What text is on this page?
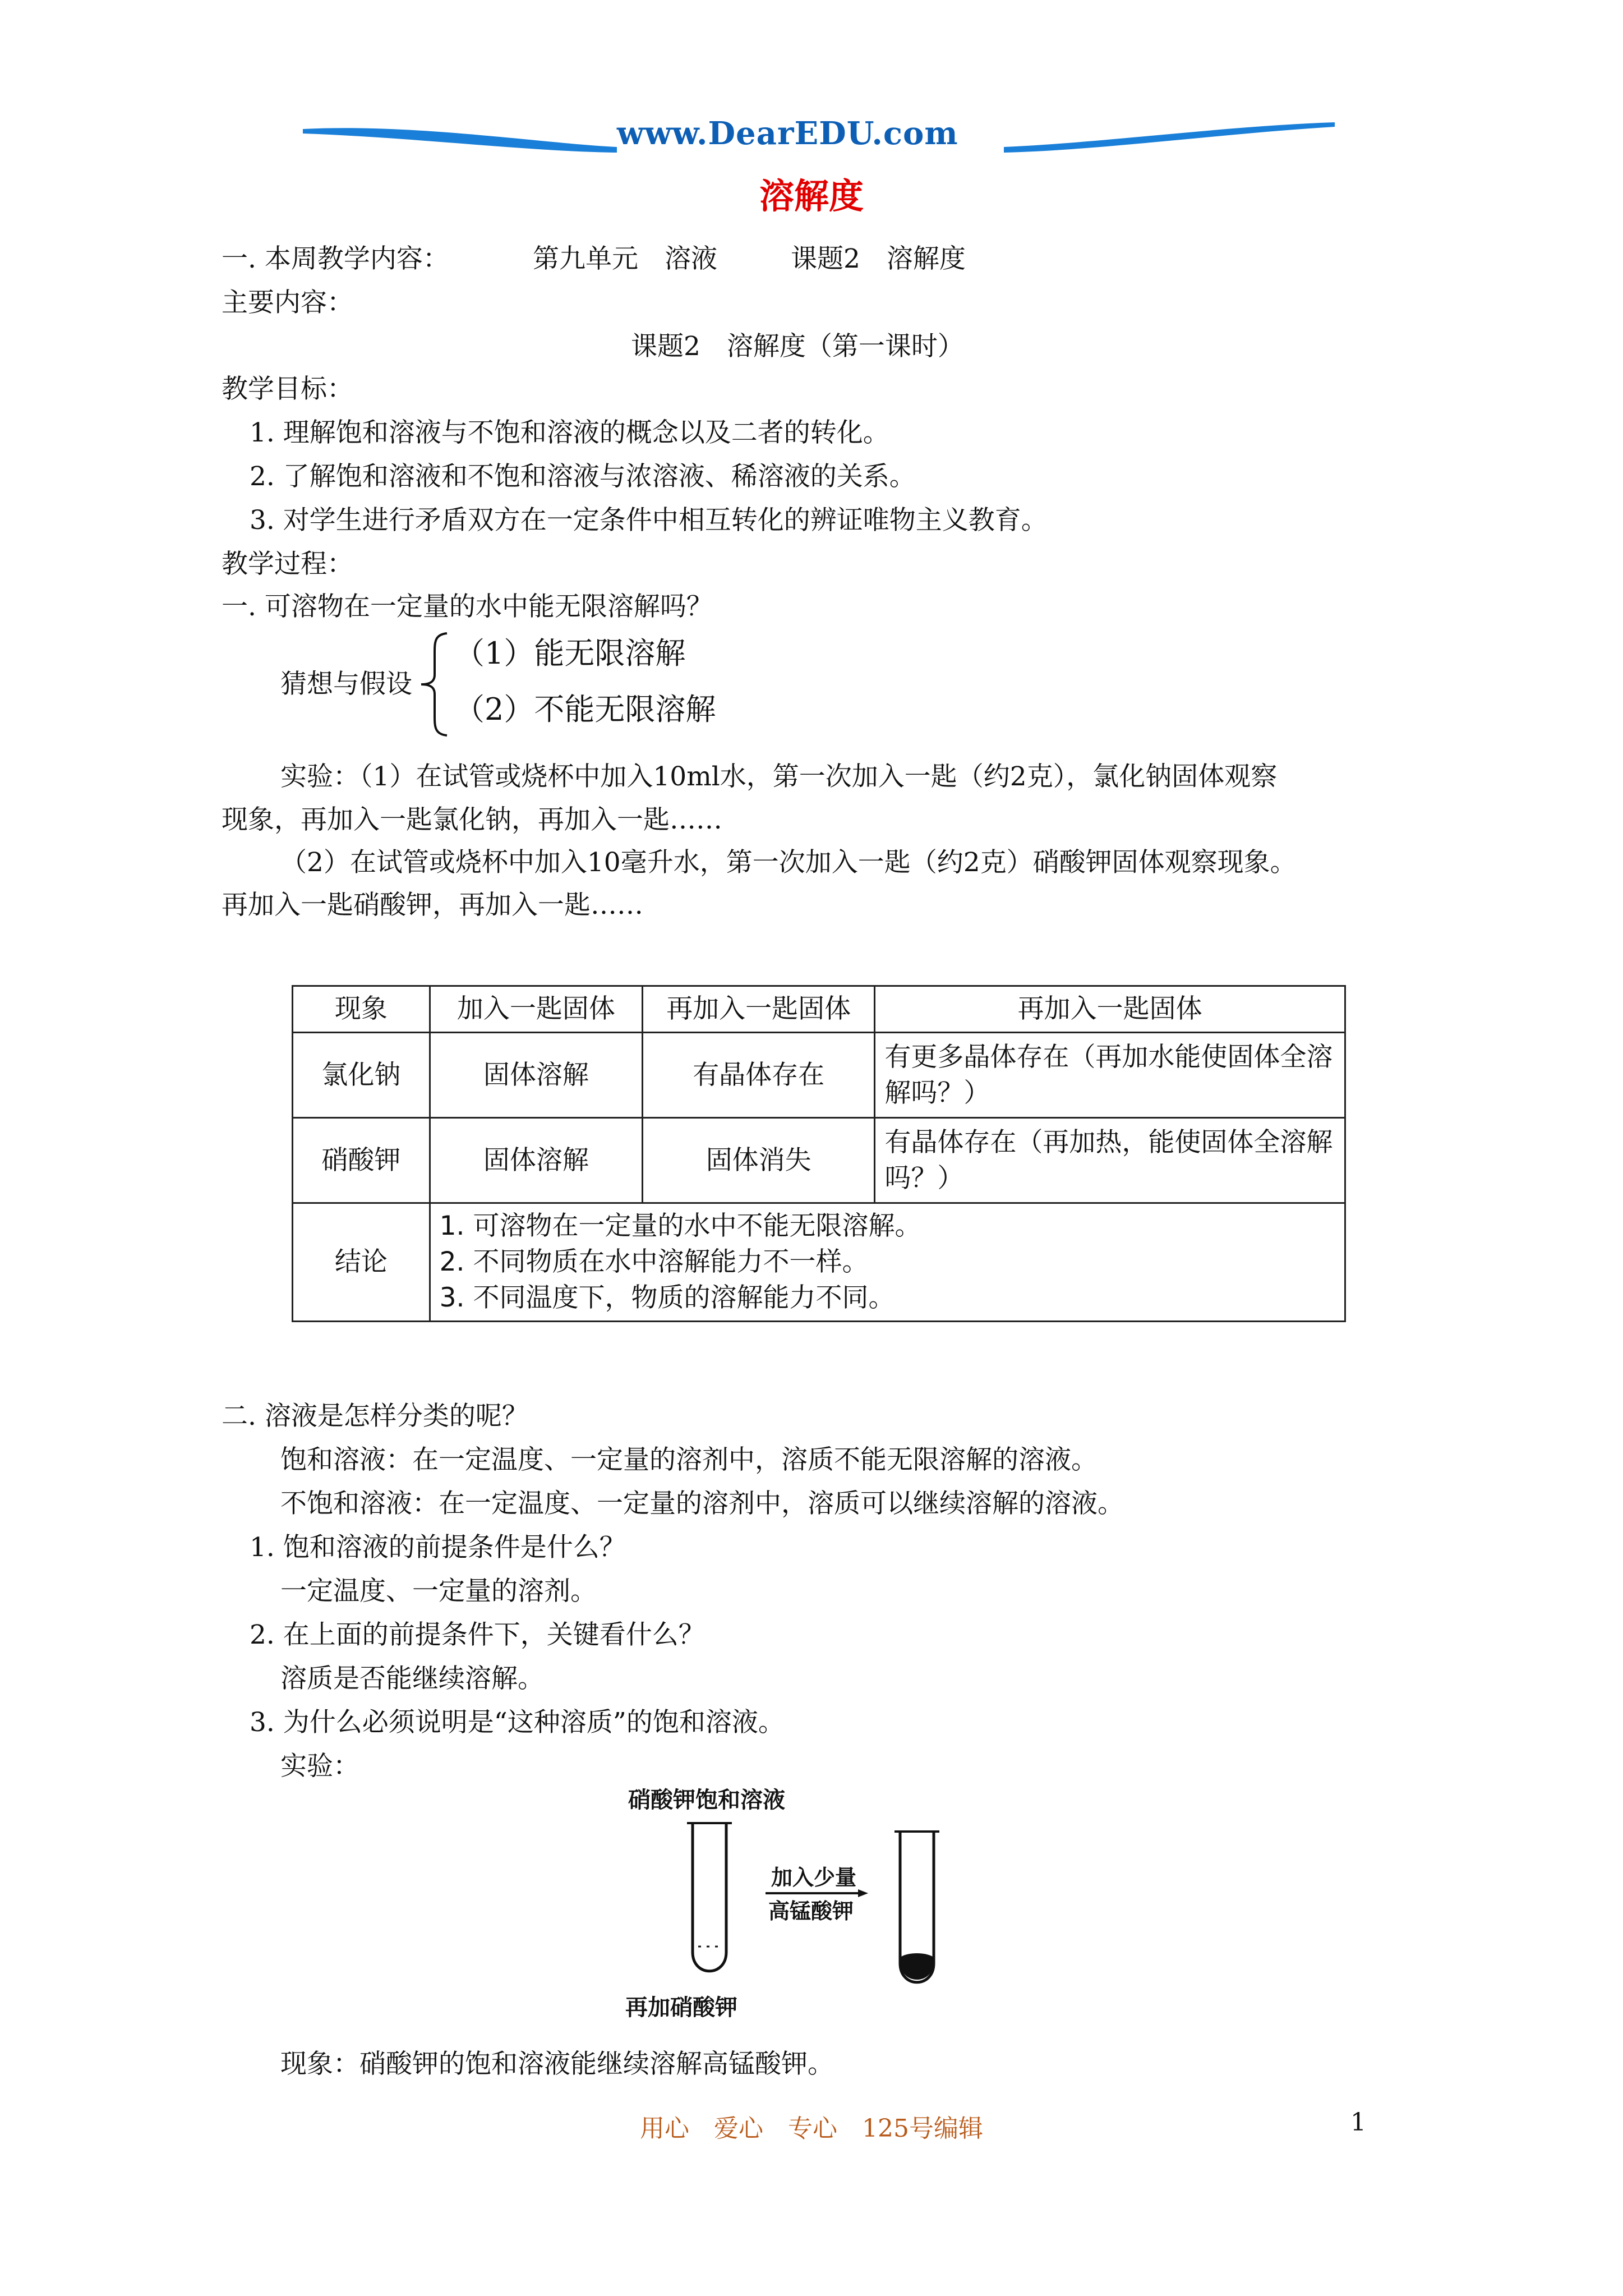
www.DearEDU.com
溶解度
一. 本周教学内容：	第九单元　溶液	课题2　溶解度
主要内容：
课题2　溶解度（第一课时）
教学目标：
1. 理解饱和溶液与不饱和溶液的概念以及二者的转化。
2. 了解饱和溶液和不饱和溶液与浓溶液、稀溶液的关系。
3. 对学生进行矛盾双方在一定条件中相互转化的辨证唯物主义教育。
教学过程：
一. 可溶物在一定量的水中能无限溶解吗？
猜想与假设
（1）能无限溶解
（2）不能无限溶解
实验：（1）在试管或烧杯中加入10ml水，第一次加入一匙（约2克），氯化钠固体观察
现象，再加入一匙氯化钠，再加入一匙……
（2）在试管或烧杯中加入10毫升水，第一次加入一匙（约2克）硝酸钾固体观察现象。
再加入一匙硝酸钾，再加入一匙……
现象	加入一匙固体	再加入一匙固体	再加入一匙固体
氯化钠	固体溶解	有晶体存在	有更多晶体存在（再加水能使固体全溶解吗？）
硝酸钾	固体溶解	固体消失	有晶体存在（再加热，能使固体全溶解吗？）
结论	1. 可溶物在一定量的水中不能无限溶解。
2. 不同物质在水中溶解能力不一样。
3. 不同温度下，物质的溶解能力不同。		
二. 溶液是怎样分类的呢？
饱和溶液：在一定温度、一定量的溶剂中，溶质不能无限溶解的溶液。
不饱和溶液：在一定温度、一定量的溶剂中，溶质可以继续溶解的溶液。
1. 饱和溶液的前提条件是什么？
一定温度、一定量的溶剂。
2. 在上面的前提条件下，关键看什么？
溶质是否能继续溶解。
3. 为什么必须说明是“这种溶质”的饱和溶液。
实验：
硝酸钾饱和溶液
加入少量
高锰酸钾
再加硝酸钾
现象：硝酸钾的饱和溶液能继续溶解高锰酸钾。
用心　爱心　专心　125号编辑	1
